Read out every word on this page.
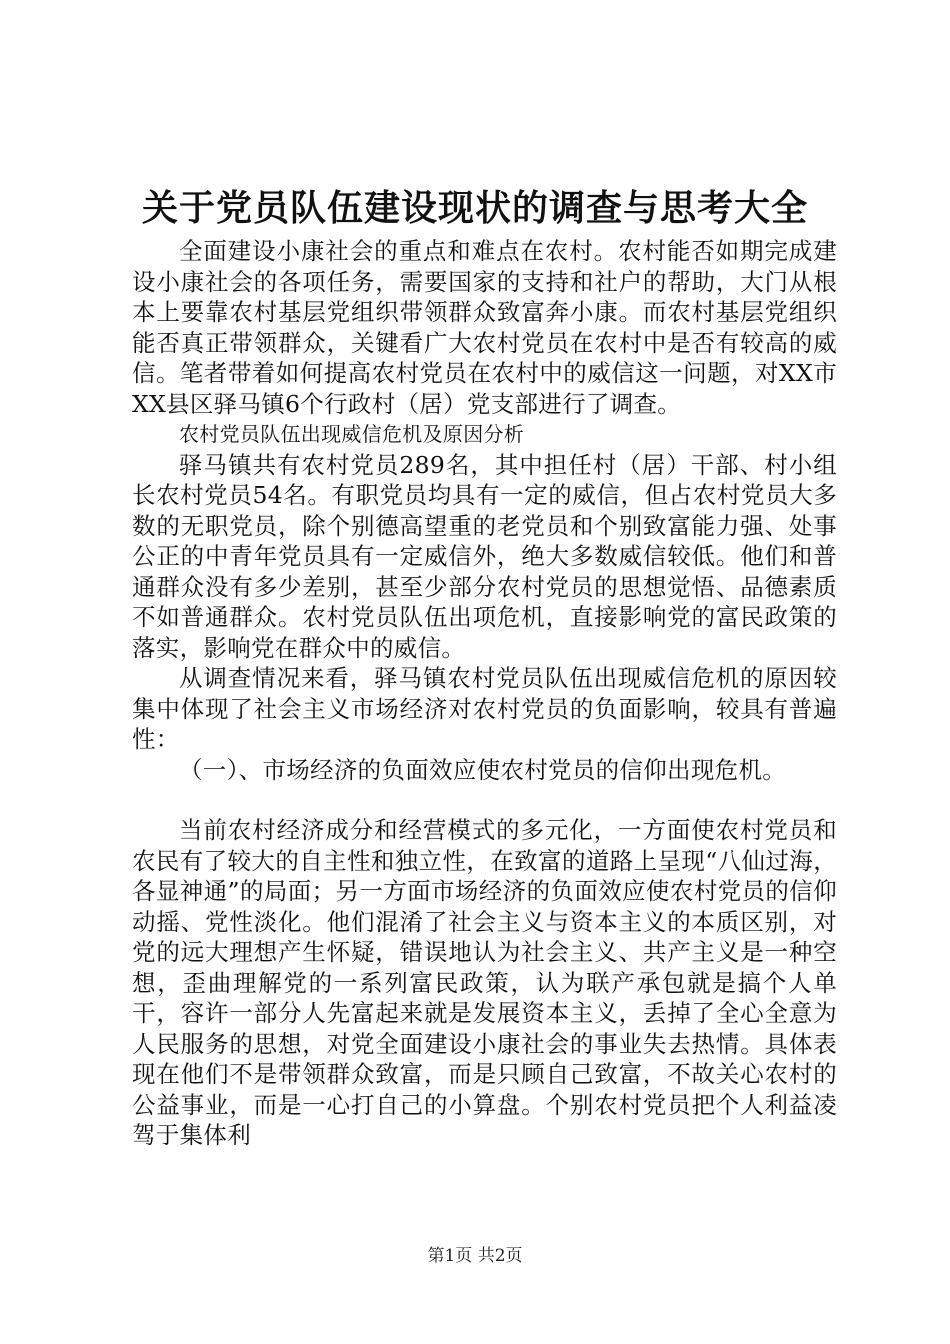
关于党员队伍建设现状的调查与思考大全

全面建设小康社会的重点和难点在农村。农村能否如期完成建设小康社会的各项任务，需要国家的支持和社户的帮助，大门从根本上要靠农村基层党组织带领群众致富奔小康。而农村基层党组织能否真正带领群众，关键看广大农村党员在农村中是否有较高的威信。笔者带着如何提高农村党员在农村中的威信这一问题，对XX市XX县区驿马镇6个行政村（居）党支部进行了调查。

农村党员队伍出现威信危机及原因分析

驿马镇共有农村党员289名，其中担任村（居）干部、村小组长农村党员54名。有职党员均具有一定的威信，但占农村党员大多数的无职党员，除个别德高望重的老党员和个别致富能力强、处事公正的中青年党员具有一定威信外，绝大多数威信较低。他们和普通群众没有多少差别，甚至少部分农村党员的思想觉悟、品德素质不如普通群众。农村党员队伍出项危机，直接影响党的富民政策的落实，影响党在群众中的威信。

从调查情况来看，驿马镇农村党员队伍出现威信危机的原因较集中体现了社会主义市场经济对农村党员的负面影响，较具有普遍性：

（一）、市场经济的负面效应使农村党员的信仰出现危机。

当前农村经济成分和经营模式的多元化，一方面使农村党员和农民有了较大的自主性和独立性，在致富的道路上呈现“八仙过海，各显神通”的局面；另一方面市场经济的负面效应使农村党员的信仰动摇、党性淡化。他们混淆了社会主义与资本主义的本质区别，对党的远大理想产生怀疑，错误地认为社会主义、共产主义是一种空想，歪曲理解党的一系列富民政策，认为联产承包就是搞个人单干，容许一部分人先富起来就是发展资本主义，丢掉了全心全意为人民服务的思想，对党全面建设小康社会的事业失去热情。具体表现在他们不是带领群众致富，而是只顾自己致富，不故关心农村的公益事业，而是一心打自己的小算盘。个别农村党员把个人利益凌驾于集体利

第1页 共2页
